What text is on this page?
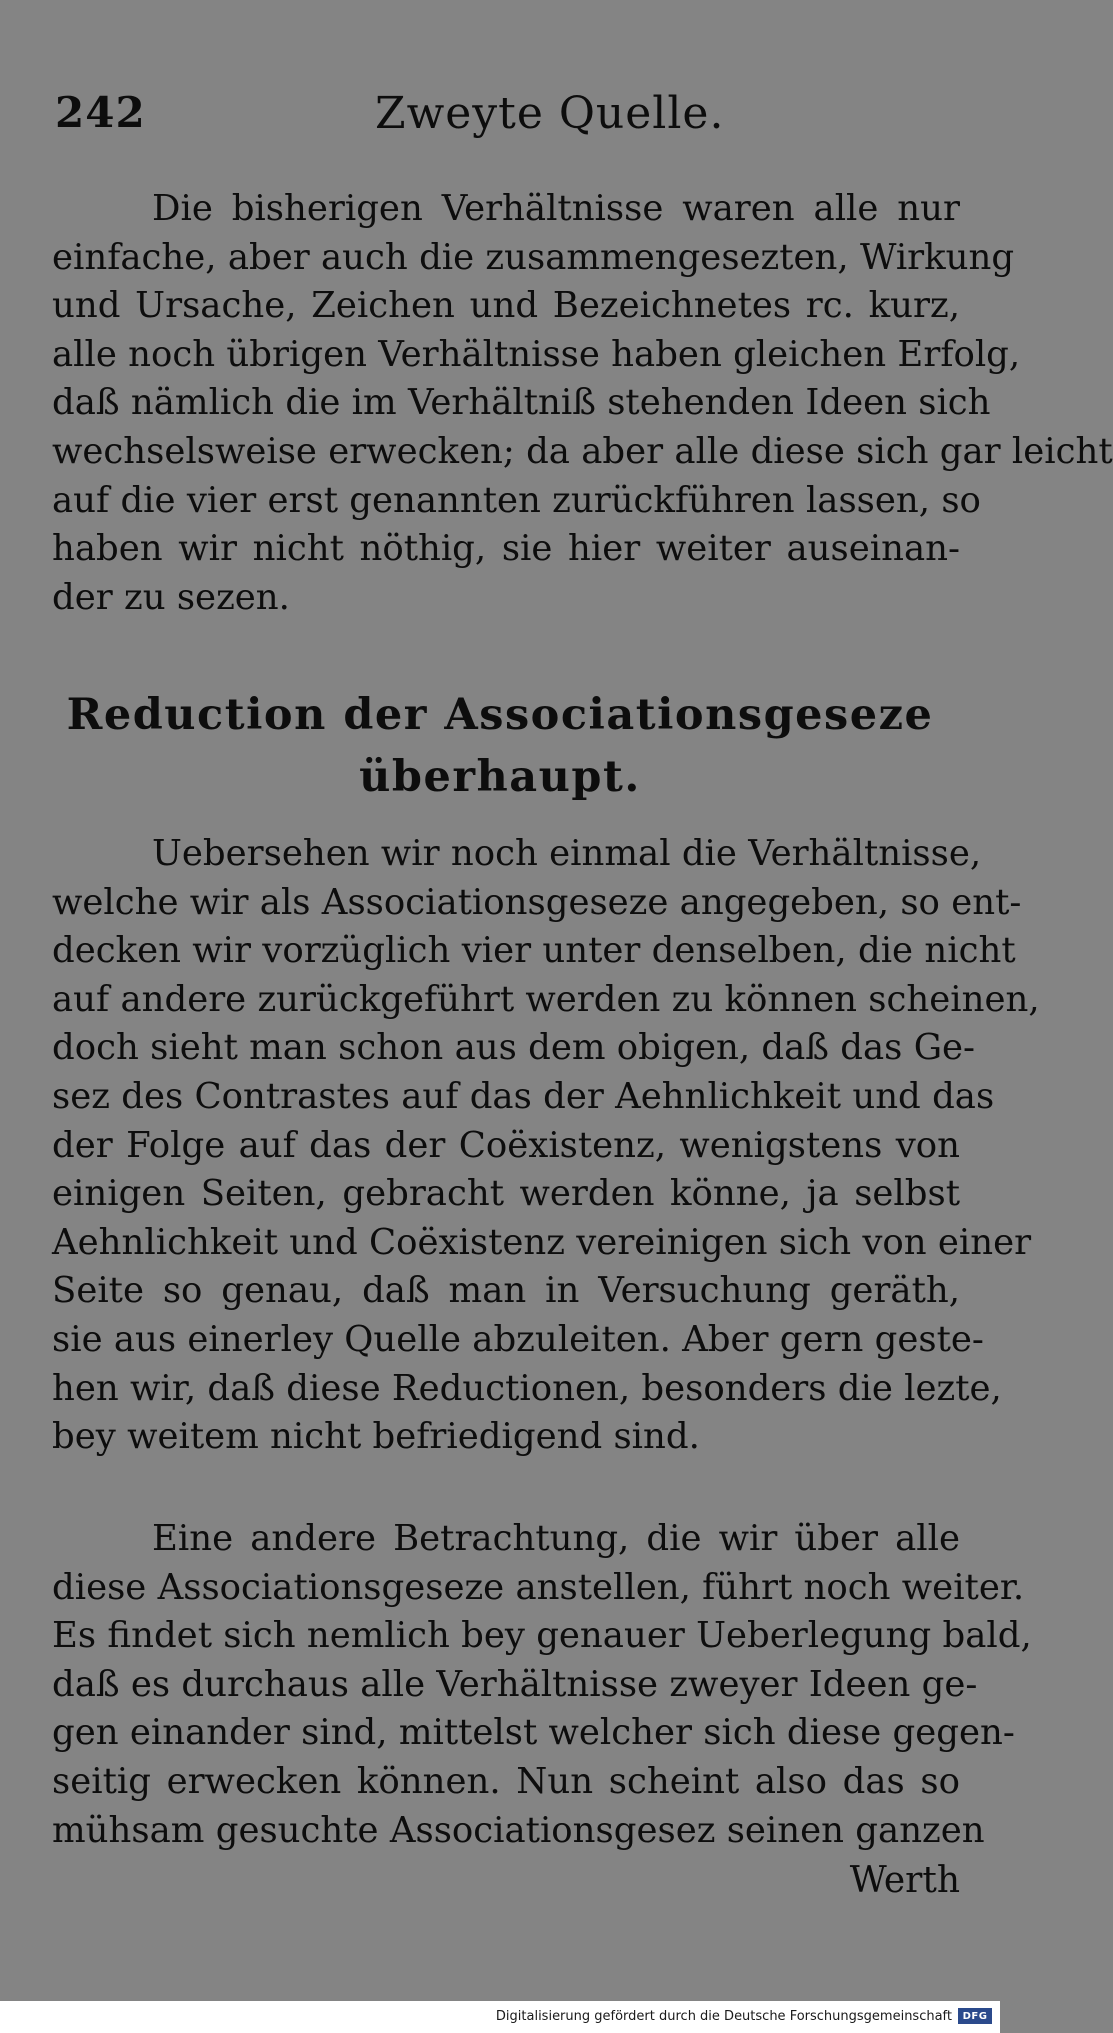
242	Zweyte Quelle.

Die bisherigen Verhältnisse waren alle nur
einfache, aber auch die zusammengesezten, Wirkung
und Ursache, Zeichen und Bezeichnetes rc. kurz,
alle noch übrigen Verhältnisse haben gleichen Erfolg,
daß nämlich die im Verhältniß stehenden Ideen sich
wechselsweise erwecken; da aber alle diese sich gar leicht
auf die vier erst genannten zurückführen lassen, so
haben wir nicht nöthig, sie hier weiter auseinan-
der zu sezen.

Reduction der Associationsgeseze
überhaupt.

Uebersehen wir noch einmal die Verhältnisse,
welche wir als Associationsgeseze angegeben, so ent-
decken wir vorzüglich vier unter denselben, die nicht
auf andere zurückgeführt werden zu können scheinen,
doch sieht man schon aus dem obigen, daß das Ge-
sez des Contrastes auf das der Aehnlichkeit und das
der Folge auf das der Coëxistenz, wenigstens von
einigen Seiten, gebracht werden könne, ja selbst
Aehnlichkeit und Coëxistenz vereinigen sich von einer
Seite so genau, daß man in Versuchung geräth,
sie aus einerley Quelle abzuleiten. Aber gern geste-
hen wir, daß diese Reductionen, besonders die lezte,
bey weitem nicht befriedigend sind.

Eine andere Betrachtung, die wir über alle
diese Associationsgeseze anstellen, führt noch weiter.
Es findet sich nemlich bey genauer Ueberlegung bald,
daß es durchaus alle Verhältnisse zweyer Ideen ge-
gen einander sind, mittelst welcher sich diese gegen-
seitig erwecken können. Nun scheint also das so
mühsam gesuchte Associationsgesez seinen ganzen

Werth
Digitalisierung gefördert durch die Deutsche Forschungsgemeinschaft	DFG
